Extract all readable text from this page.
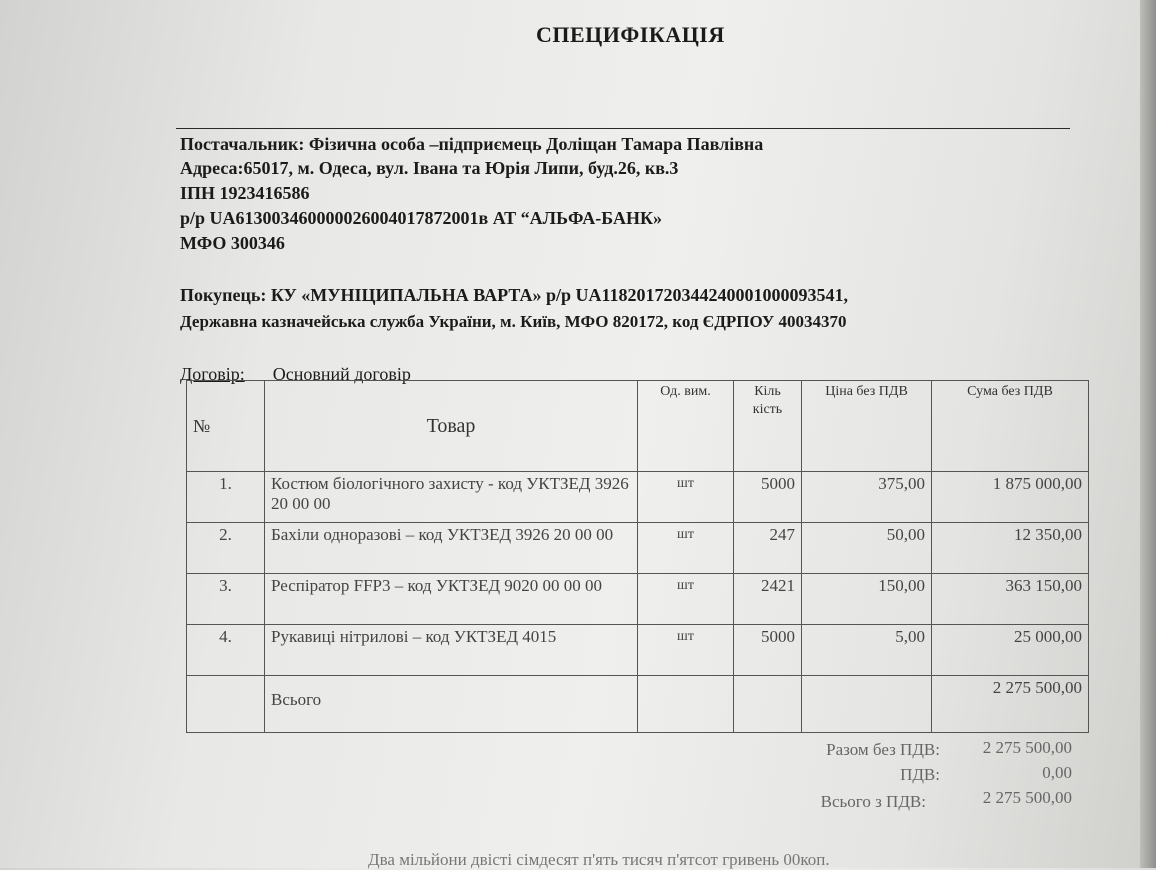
СПЕЦИФІКАЦІЯ
Постачальник: Фізична особа –підприємець Доліщан Тамара Павлівна
Адреса:65017, м. Одеса, вул. Івана та Юрія Липи, буд.26, кв.3
ІПН 1923416586
р/р UA613003460000026004017872001в АТ “АЛЬФА-БАНК»
МФО 300346
Покупець: КУ «МУНІЦИПАЛЬНА ВАРТА» р/р UA118201720344240001000093541,
Державна казначейська служба України, м. Київ, МФО 820172, код ЄДРПОУ 40034370
Договір: Основний договір
№	Товар	Од. вим.	Кіль кість	Ціна без ПДВ	Сума без ПДВ
1.	Костюм біологічного захисту - код УКТЗЕД 3926 20 00 00	шт	5000	375,00	1 875 000,00
2.	Бахіли одноразові – код УКТЗЕД 3926 20 00 00	шт	247	50,00	12 350,00
3.	Респіратор FFP3 – код УКТЗЕД 9020 00 00 00	шт	2421	150,00	363 150,00
4.	Рукавиці нітрилові – код УКТЗЕД 4015	шт	5000	5,00	25 000,00
	Всього				2 275 500,00
Разом без ПДВ:	2 275 500,00
ПДВ:	0,00
Всього з ПДВ:	2 275 500,00
Два мільйони двісті сімдесят п'ять тисяч п'ятсот гривень 00коп.
